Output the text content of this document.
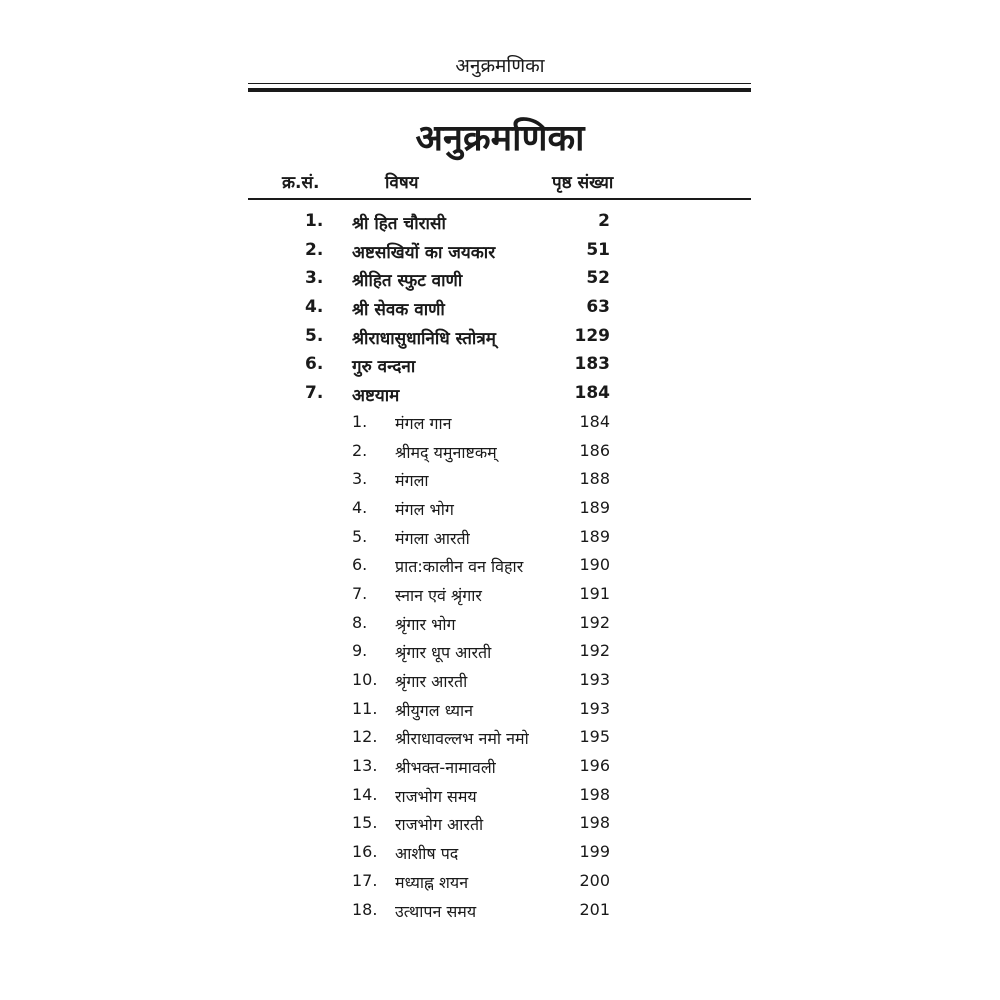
अनुक्रमणिका
अनुक्रमणिका
क्र.सं.	विषय	पृष्ठ संख्या
1. श्री हित चौरासी	2
2. अष्टसखियों का जयकार	51
3. श्रीहित स्फुट वाणी	52
4. श्री सेवक वाणी	63
5. श्रीराधासुधानिधि स्तोत्रम्	129
6. गुरु वन्दना	183
7. अष्टयाम	184
1. मंगल गान	184
2. श्रीमद् यमुनाष्टकम्	186
3. मंगला	188
4. मंगल भोग	189
5. मंगला आरती	189
6. प्रात:कालीन वन विहार	190
7. स्नान एवं श्रृंगार	191
8. श्रृंगार भोग	192
9. श्रृंगार धूप आरती	192
10. श्रृंगार आरती	193
11. श्रीयुगल ध्यान	193
12. श्रीराधावल्लभ नमो नमो	195
13. श्रीभक्त-नामावली	196
14. राजभोग समय	198
15. राजभोग आरती	198
16. आशीष पद	199
17. मध्याह्न शयन	200
18. उत्थापन समय	201
